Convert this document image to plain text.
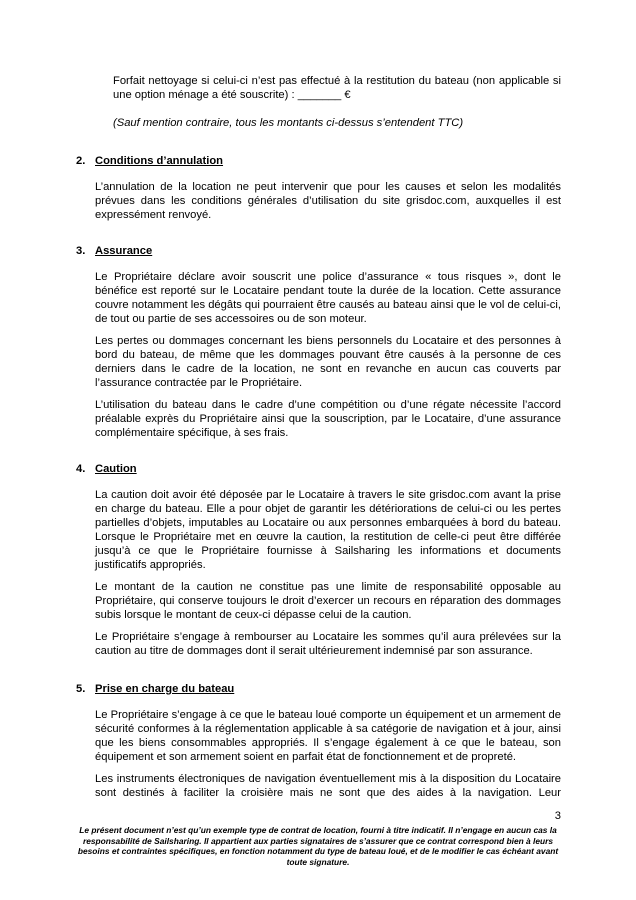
Forfait nettoyage si celui-ci n’est pas effectué à la restitution du bateau (non applicable si une option ménage a été souscrite) : _______ €

(Sauf mention contraire, tous les montants ci-dessus s’entendent TTC)

2. Conditions d’annulation

L’annulation de la location ne peut intervenir que pour les causes et selon les modalités prévues dans les conditions générales d’utilisation du site grisdoc.com, auxquelles il est expressément renvoyé.

3. Assurance

Le Propriétaire déclare avoir souscrit une police d’assurance « tous risques », dont le bénéfice est reporté sur le Locataire pendant toute la durée de la location. Cette assurance couvre notamment les dégâts qui pourraient être causés au bateau ainsi que le vol de celui-ci, de tout ou partie de ses accessoires ou de son moteur.

Les pertes ou dommages concernant les biens personnels du Locataire et des personnes à bord du bateau, de même que les dommages pouvant être causés à la personne de ces derniers dans le cadre de la location, ne sont en revanche en aucun cas couverts par l’assurance contractée par le Propriétaire.

L’utilisation du bateau dans le cadre d’une compétition ou d’une régate nécessite l’accord préalable exprès du Propriétaire ainsi que la souscription, par le Locataire, d’une assurance complémentaire spécifique, à ses frais.

4. Caution

La caution doit avoir été déposée par le Locataire à travers le site grisdoc.com avant la prise en charge du bateau. Elle a pour objet de garantir les détériorations de celui-ci ou les pertes partielles d’objets, imputables au Locataire ou aux personnes embarquées à bord du bateau. Lorsque le Propriétaire met en œuvre la caution, la restitution de celle-ci peut être différée jusqu’à ce que le Propriétaire fournisse à Sailsharing les informations et documents justificatifs appropriés.

Le montant de la caution ne constitue pas une limite de responsabilité opposable au Propriétaire, qui conserve toujours le droit d’exercer un recours en réparation des dommages subis lorsque le montant de ceux-ci dépasse celui de la caution.

Le Propriétaire s’engage à rembourser au Locataire les sommes qu’il aura prélevées sur la caution au titre de dommages dont il serait ultérieurement indemnisé par son assurance.

5. Prise en charge du bateau

Le Propriétaire s’engage à ce que le bateau loué comporte un équipement et un armement de sécurité conformes à la réglementation applicable à sa catégorie de navigation et à jour, ainsi que les biens consommables appropriés. Il s’engage également à ce que le bateau, son équipement et son armement soient en parfait état de fonctionnement et de propreté.

Les instruments électroniques de navigation éventuellement mis à la disposition du Locataire sont destinés à faciliter la croisière mais ne sont que des aides à la navigation. Leur

3

Le présent document n’est qu’un exemple type de contrat de location, fourni à titre indicatif. Il n’engage en aucun cas la responsabilité de Sailsharing. Il appartient aux parties signataires de s’assurer que ce contrat correspond bien à leurs besoins et contraintes spécifiques, en fonction notamment du type de bateau loué, et de le modifier le cas échéant avant toute signature.
